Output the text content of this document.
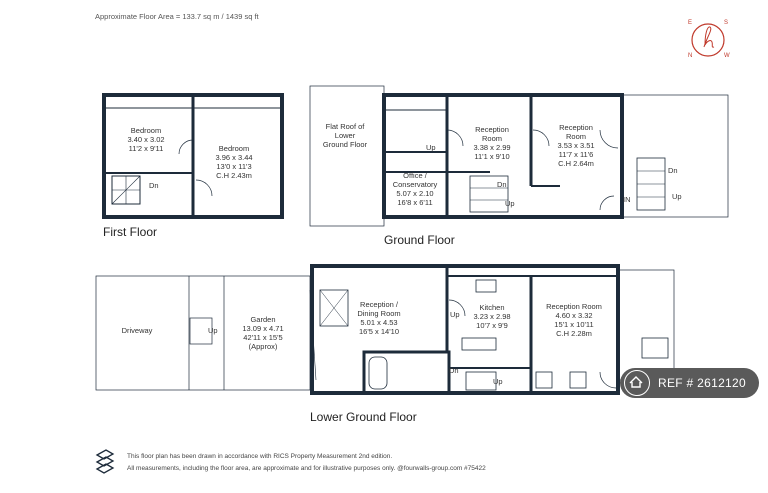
Approximate Floor Area = 133.7 sq m / 1439 sq ft
E	S
N	W
First Floor
Ground Floor
Lower Ground Floor
Bedroom
3.40 x 3.02
11'2 x 9'11	Bedroom
3.96 x 3.44
13'0 x 11'3
C.H 2.43m
Dn
Flat Roof of
Lower
Ground Floor	Up
Office /
Conservatory
5.07 x 2.10
16'8 x 6'11
Reception
Room
3.38 x 2.99
11'1 x 9'10
Reception
Room
3.53 x 3.51
11'7 x 11'6
C.H 2.64m
Dn
Up	IN
Dn
Up
Driveway	Up
Garden
13.09 x 4.71
42'11 x 15'5
(Approx)
Reception /
Dining Room
5.01 x 4.53
16'5 x 14'10
Up
Kitchen
3.23 x 2.98
10'7 x 9'9
Reception Room
4.60 x 3.32
15'1 x 10'11
C.H 2.28m
Dn
Up	REF # 2612120
This floor plan has been drawn in accordance with RICS Property Measurement 2nd edition.
All measurements, including the floor area, are approximate and for illustrative purposes only. @fourwalls-group.com #75422
